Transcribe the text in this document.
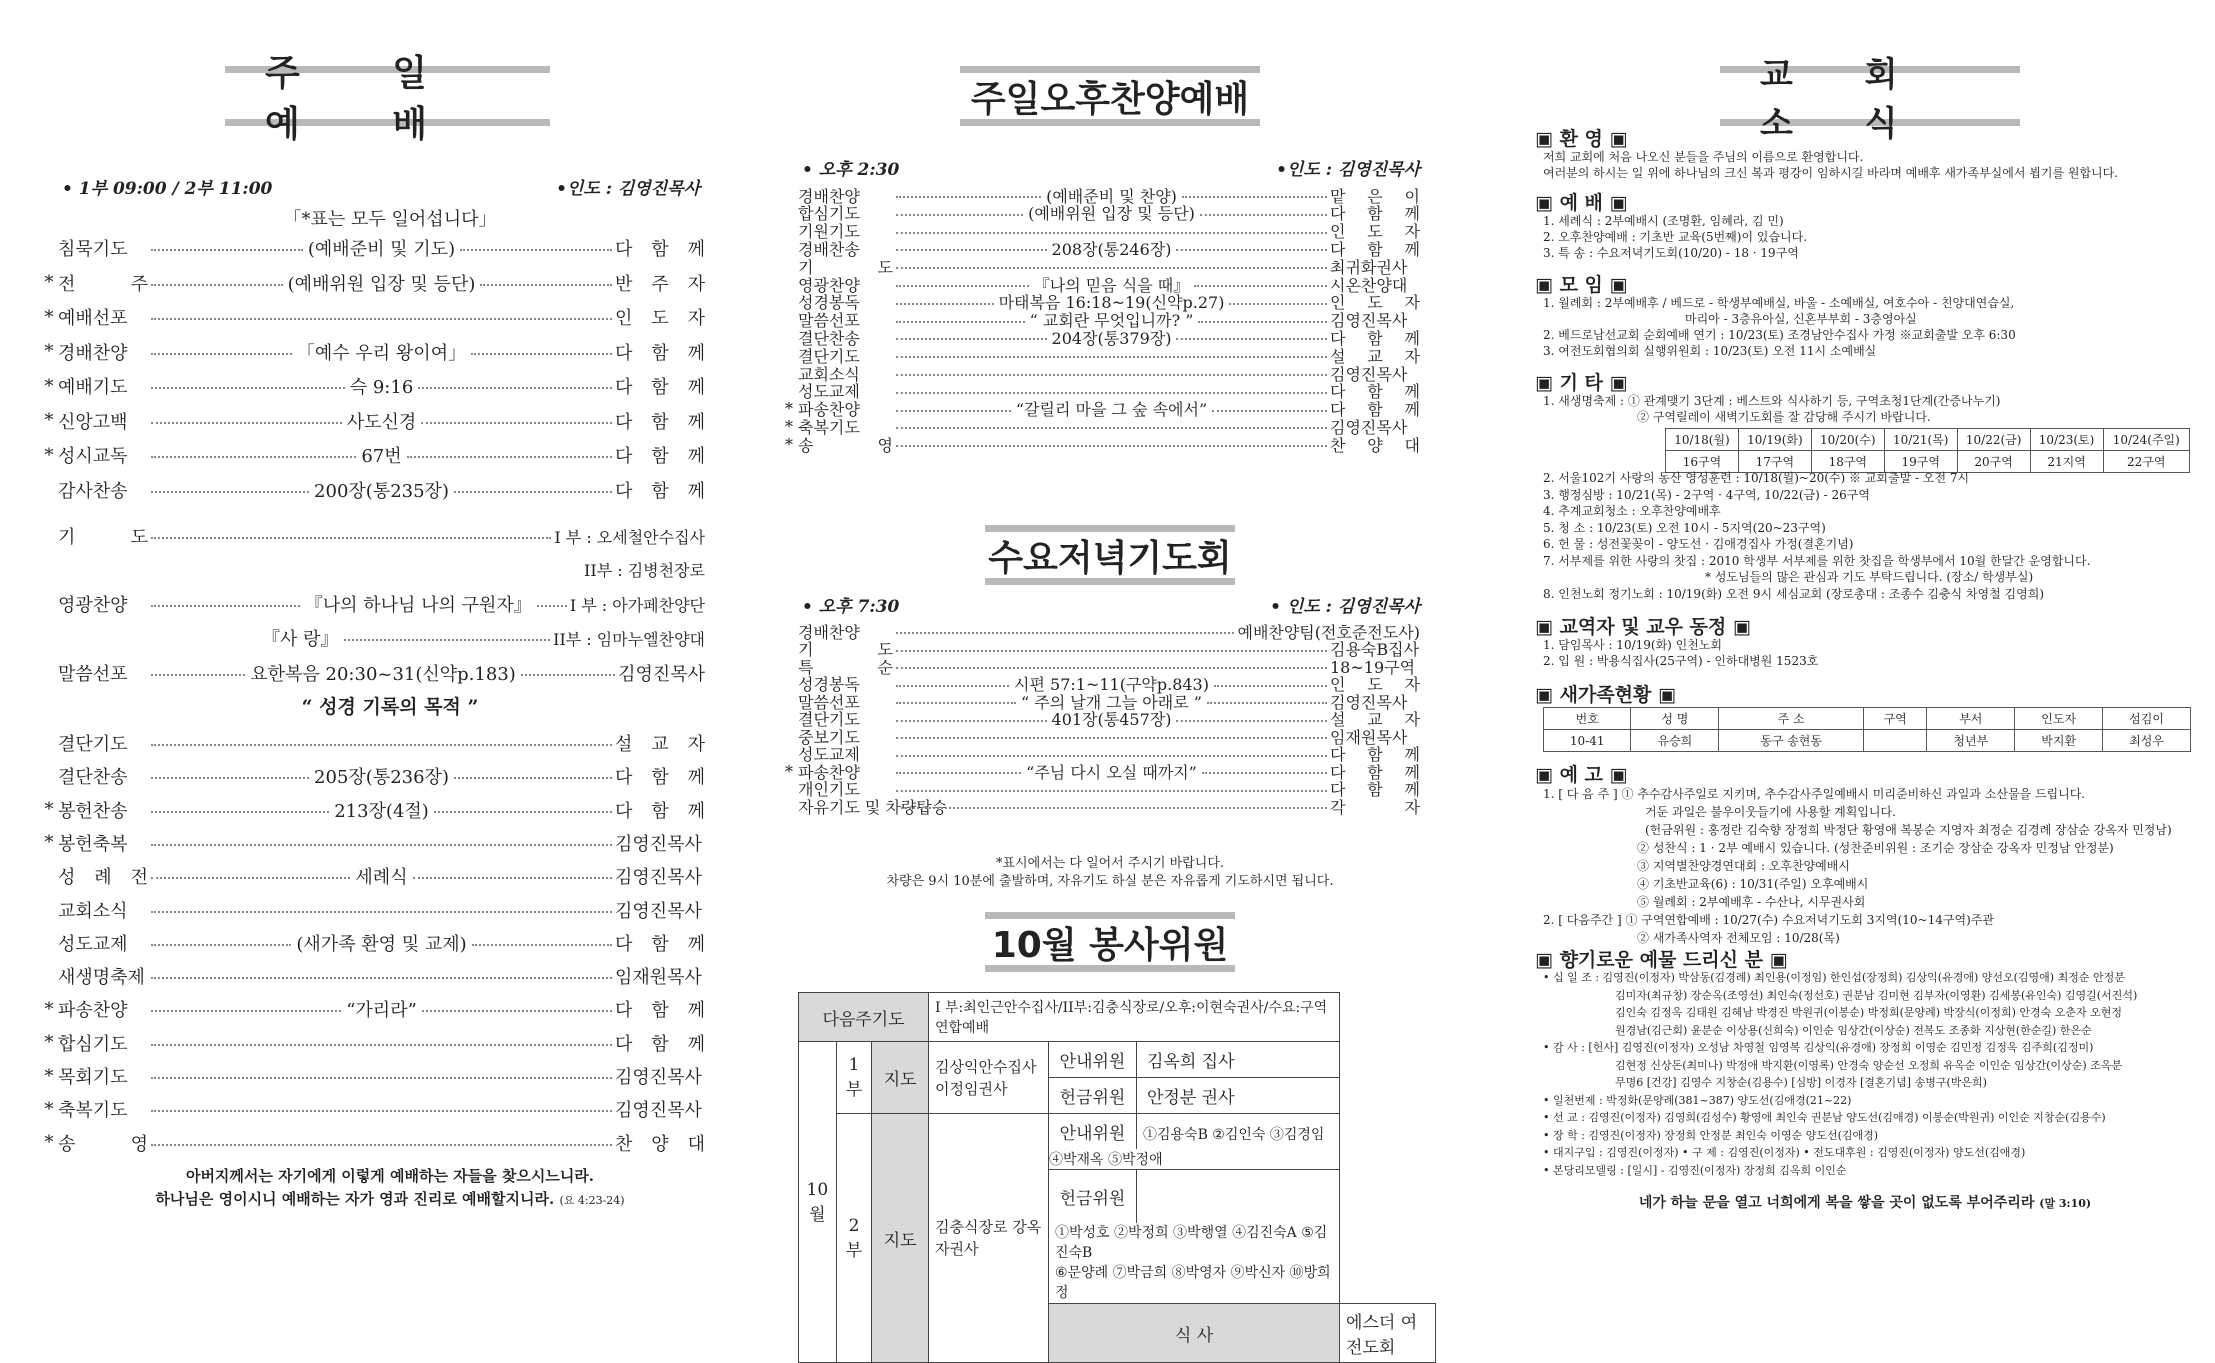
주 일 예 배
• 1부 09:00 / 2부 11:00	•인도 : 김영진목사
「*표는 모두 일어섭니다」
침묵기도	(예배준비 및 기도)	다 함 께
* 전 주	(예배위원 입장 및 등단)	반 주 자
* 예배선포	인 도 자
* 경배찬양	「예수 우리 왕이여」	다 함 께
* 예배기도	슥 9:16	다 함 께
* 신앙고백	사도신경	다 함 께
* 성시교독	67번	다 함 께
감사찬송	200장(통235장)	다 함 께
기 도	I 부 : 오세철안수집사
II부 : 김병천장로
영광찬양	『나의 하나님 나의 구원자』 I 부 : 아가페찬양단
『사 랑』	II부 : 임마누엘찬양대
말씀선포	요한복음 20:30~31(신약p.183)	김영진목사
“ 성경 기록의 목적 ”
결단기도	설 교 자
결단찬송	205장(통236장)	다 함 께
* 봉헌찬송	213장(4절)	다 함 께
* 봉헌축복	김영진목사
성 례 전	세례식	김영진목사
교회소식	김영진목사
성도교제	(새가족 환영 및 교제)	다 함 께
새생명축제	임재원목사
* 파송찬양	“가리라”	다 함 께
* 합심기도	다 함 께
* 목회기도	김영진목사
* 축복기도	김영진목사
* 송 영	찬 양 대
아버지께서는 자기에게 이렇게 예배하는 자들을 찾으시느니라.
하나님은 영이시니 예배하는 자가 영과 진리로 예배할지니라. (요 4:23-24)
주일오후찬양예배
• 오후 2:30	•인도 : 김영진목사
경배찬양	(예배준비 및 찬양)	맡 은 이
합심기도	(예배위원 입장 및 등단)	다 함 께
기원기도	인 도 자
경배찬송	208장(통246장)	다 함 께
기 도	최귀화권사
영광찬양	『나의 믿음 식을 때』	시온찬양대
성경봉독	마태복음 16:18~19(신약p.27)	인 도 자
말씀선포	“ 교회란 무엇입니까? ”	김영진목사
결단찬송	204장(통379장)	다 함 께
결단기도	설 교 자
교회소식	김영진목사
성도교제	다 함 께
* 파송찬양	“갈릴리 마을 그 숲 속에서”	다 함 께
* 축복기도	김영진목사
* 송 영	찬 양 대
수요저녁기도회
• 오후 7:30	• 인도 : 김영진목사
경배찬양	예배찬양팀(전호준전도사)
기 도	김용숙B집사
특 순	18~19구역
성경봉독	시편 57:1~11(구약p.843)	인 도 자
말씀선포	“ 주의 날개 그늘 아래로 ”	김영진목사
결단기도	401장(통457장)	설 교 자
중보기도	임재원목사
성도교제	다 함 께
* 파송찬양	“주님 다시 오실 때까지”	다 함 께
개인기도	다 함 께
자유기도 및 차량탑승	각 자
*표시에서는 다 일어서 주시기 바랍니다.
차량은 9시 10분에 출발하며, 자유기도 하실 분은 자유롭게 기도하시면 됩니다.
10월 봉사위원
다음주기도			I 부:최인근안수집사/II부:김충식장로/오후:이현숙권사/수요:구역연합예배		
10월	1부	지도	김상익안수집사 이정임권사	안내위원 김옥희 집사	
				헌금위원 안정분 권사	
	2부	지도	김충식장로 강옥자권사	안내위원 ①김용숙B ②김인숙 ③김경임 ④박재옥 ⑤박정애	
				헌금위원①박성호 ②박정희 ③박행열 ④김진숙A ⑤김진숙B
⑥문양례 ⑦박금희 ⑧박영자 ⑨박신자 ⑩방희정	
				식 사	에스더 여전도회
교 회 소 식
▣ 환 영 ▣
저희 교회에 처음 나오신 분들을 주님의 이름으로 환영합니다.
여러분의 하시는 일 위에 하나님의 크신 복과 평강이 임하시길 바라며 예배후 새가족부실에서 뵙기를 원합니다.
▣ 예 배 ▣
1. 세례식 : 2부예배시 (조명환, 임혜라, 김 민)
2. 오후찬양예배 : 기초반 교육(5번째)이 있습니다.
3. 특 송 : 수요저녁기도회(10/20) - 18 · 19구역
▣ 모 임 ▣
1. 월례회 : 2부예배후 / 베드로 - 학생부예배실, 바울 - 소예배실, 여호수아 - 친양대연습실,
마리아 - 3층유아실, 신혼부부회 - 3층영아실
2. 베드로남선교회 순회예배 연기 : 10/23(토) 조경남안수집사 가정 ※교회출발 오후 6:30
3. 여전도회협의회 실행위원회 : 10/23(토) 오전 11시 소예배실
▣ 기 타 ▣
1. 새생명축제 : ① 관계맺기 3단계 : 베스트와 식사하기 등, 구역초청1단계(간증나누기)
② 구역릴레이 새벽기도회를 잘 감당해 주시기 바랍니다.
10/18(월)	10/19(화)	10/20(수)	10/21(목)	10/22(금)	10/23(토)	10/24(주일)
16구역	17구역	18구역	19구역	20구역	21지역	22구역
2. 서울102기 사랑의 동산 영성훈련 : 10/18(월)~20(수) ※ 교회출발 - 오전 7시
3. 행정심방 : 10/21(목) - 2구역 · 4구역, 10/22(금) - 26구역
4. 추계교회청소 : 오후찬양예배후
5. 청 소 : 10/23(토) 오전 10시 - 5지역(20~23구역)
6. 헌 물 : 성전꽃꽂이 - 양도선 · 김애경집사 가정(결혼기념)
7. 서부제를 위한 사랑의 찻집 : 2010 학생부 서부제를 위한 찻집을 학생부에서 10월 한달간 운영합니다.
* 성도님들의 많은 관심과 기도 부탁드립니다. (장소/ 학생부실)
8. 인천노회 정기노회 : 10/19(화) 오전 9시 세심교회 (장로총대 : 조종수 김충식 차영철 김영희)
▣ 교역자 및 교우 동정 ▣
1. 담임목사 : 10/19(화) 인천노회
2. 입 원 : 박용식집사(25구역) - 인하대병원 1523호
▣ 새가족현황 ▣
번호	성 명	주 소	구역	부서	인도자	섬김이
10-41	유승희	동구 송현동		청년부	박지환	최성우
▣ 예 고 ▣
1. [ 다 음 주 ] ① 추수감사주일로 지키며, 추수감사주일예배시 미리준비하신 과일과 소산물을 드립니다.
거둔 과일은 불우이웃들기에 사용할 계획입니다.
(헌금위원 : 홍정란 김숙향 장정희 박정단 황영애 복봉순 지영자 최정순 김경례 장삼순 강옥자 민정남)
② 성찬식 : 1 · 2부 예배시 있습니다. (성찬준비위원 : 조기순 장삼순 강옥자 민정남 안정분)
③ 지역별찬양경연대회 : 오후찬양예배시
④ 기초반교육(6) : 10/31(주일) 오후예배시
⑤ 월례회 : 2부예배후 - 수산나, 시무권사회
2. [ 다음주간 ] ① 구역연합예배 : 10/27(수) 수요저녁기도회 3지역(10~14구역)주관
② 새가족사역자 전체모임 : 10/28(목)
▣ 향기로운 예물 드리신 분 ▣
• 십 일 조 : 김영진(이정자) 박삼동(김경례) 최인용(이정임) 한인섭(장정희) 김상익(유경애) 양선오(김영애) 최정순 안정분
김미자(최규창) 장순옥(조영선) 최인숙(정선호) 권분남 김미현 김부자(이영환) 김세봉(유인숙) 김영길(서진석)
김인숙 김정옥 김태원 김혜남 박경진 박원귀(이봉순) 박정희(문양례) 박장식(이정희) 안경숙 오춘자 오현정
원경남(김근회) 윤분순 이상용(신희숙) 이인순 임상간(이상순) 전복도 조종화 지상현(한순길) 한은순
• 감 사 : [헌사] 김영진(이정자) 오성남 차영철 임영복 김상익(유경애) 장정희 이영순 김민정 김정옥 김주희(김정미)
김현정 신상돈(최미나) 박정애 박지환(이영록) 안경숙 양순선 오정희 유옥순 이인순 임상간(이상순) 조옥분
무명6 [건강] 김영수 지창순(김용수) [심방] 이경자 [결혼기념] 송병구(박은희)
• 일천번제 : 박정화(문양례(381~387) 양도선(김애경(21~22)
• 선 교 : 김영진(이정자) 김영희(김성수) 황영애 최인숙 권분남 양도선(김애경) 이봉순(박원귀) 이인순 지창순(김용수)
• 장 학 : 김영진(이정자) 장정희 안정분 최인숙 이영순 양도선(김애경)
• 대지구입 : 김영진(이정자) • 구 제 : 김영진(이정자) • 전도대후원 : 김영진(이정자) 양도선(김애경)
• 본당리모델링 : [일시] - 김영진(이정자) 장정희 김옥희 이인순
네가 하늘 문을 열고 너희에게 복을 쌓을 곳이 없도록 부어주리라 (말 3:10)
